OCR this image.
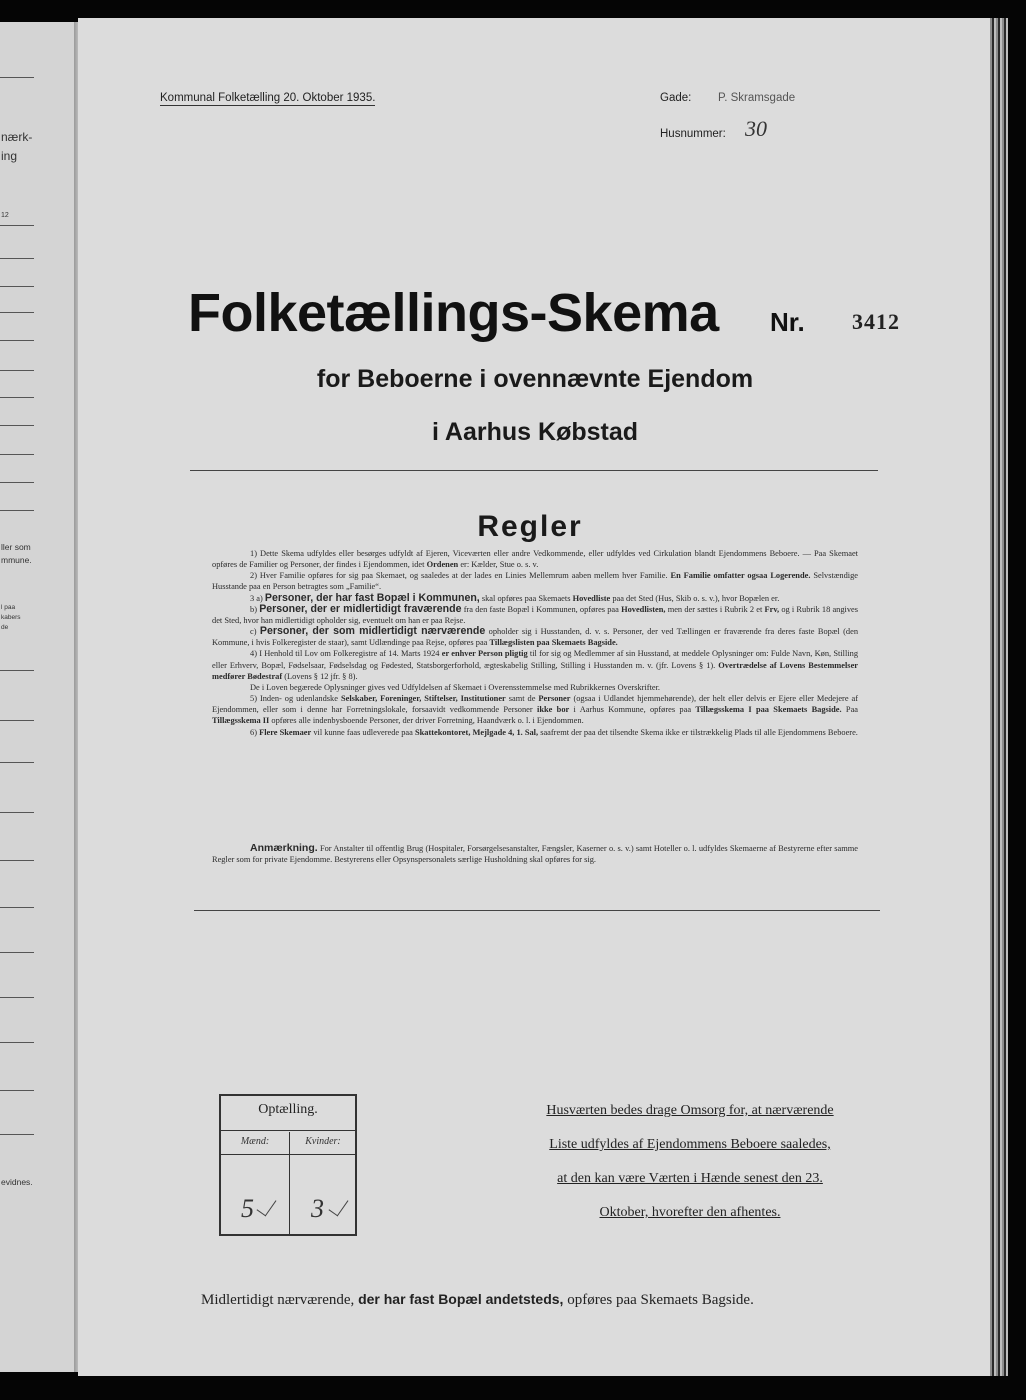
nærk-
ing
12
ller som
mmune.
l paa
kabers
de
evidnes.
Kommunal Folketælling 20. Oktober 1935.	Gade: P. Skramsgade
Husnummer: 30
Folketællings-Skema	Nr. 3412
for Beboerne i ovennævnte Ejendom
i Aarhus Købstad
Regler

1) Dette Skema udfyldes eller besørges udfyldt af Ejeren, Viceværten eller andre Vedkommende, eller udfyldes ved Cirkulation blandt Ejendommens Beboere. — Paa Skemaet opføres de Familier og Personer, der findes i Ejendommen, idet Ordenen er: Kælder, Stue o. s. v.

2) Hver Familie opføres for sig paa Skemaet, og saaledes at der lades en Linies Mellemrum aaben mellem hver Familie. En Familie omfatter ogsaa Logerende. Selvstændige Husstande paa en Person betragtes som „Familie“.

3 a) Personer, der har fast Bopæl i Kommunen, skal opføres paa Skemaets Hovedliste paa det Sted (Hus, Skib o. s. v.), hvor Bopælen er.

b) Personer, der er midlertidigt fraværende fra den faste Bopæl i Kommunen, opføres paa Hovedlisten, men der sættes i Rubrik 2 et Frv, og i Rubrik 18 angives det Sted, hvor han midlertidigt opholder sig, eventuelt om han er paa Rejse.

c) Personer, der som midlertidigt nærværende opholder sig i Husstanden, d. v. s. Personer, der ved Tællingen er fraværende fra deres faste Bopæl (den Kommune, i hvis Folkeregister de staar), samt Udlændinge paa Rejse, opføres paa Tillægslisten paa Skemaets Bagside.

4) I Henhold til Lov om Folkeregistre af 14. Marts 1924 er enhver Person pligtig til for sig og Medlemmer af sin Husstand, at meddele Oplysninger om: Fulde Navn, Køn, Stilling eller Erhverv, Bopæl, Fødselsaar, Fødselsdag og Fødested, Statsborgerforhold, ægteskabelig Stilling, Stilling i Husstanden m. v. (jfr. Lovens § 1). Overtrædelse af Lovens Bestemmelser medfører Bødestraf (Lovens § 12 jfr. § 8).

De i Loven begærede Oplysninger gives ved Udfyldelsen af Skemaet i Overensstemmelse med Rubrikkernes Overskrifter.

5) Inden- og udenlandske Selskaber, Foreninger, Stiftelser, Institutioner samt de Personer (ogsaa i Udlandet hjemmehørende), der helt eller delvis er Ejere eller Medejere af Ejendommen, eller som i denne har Forretningslokale, forsaavidt vedkommende Personer ikke bor i Aarhus Kommune, opføres paa Tillægsskema I paa Skemaets Bagside. Paa Tillægsskema II opføres alle indenbysboende Personer, der driver Forretning, Haandværk o. l. i Ejendommen.

6) Flere Skemaer vil kunne faas udleverede paa Skattekontoret, Mejlgade 4, 1. Sal, saafremt der paa det tilsendte Skema ikke er tilstrækkelig Plads til alle Ejendommens Beboere.

Anmærkning. For Anstalter til offentlig Brug (Hospitaler, Forsørgelsesanstalter, Fængsler, Kaserner o. s. v.) samt Hoteller o. l. udfyldes Skemaerne af Bestyrerne efter samme Regler som for private Ejendomme. Bestyrerens eller Opsynspersonalets særlige Husholdning skal opføres for sig.
Optælling.
Mænd:	Kvinder:
5 3
Husværten bedes drage Omsorg for, at nærværende
Liste udfyldes af Ejendommens Beboere saaledes,
at den kan være Værten i Hænde senest den 23.
Oktober, hvorefter den afhentes.
Midlertidigt nærværende, der har fast Bopæl andetsteds, opføres paa Skemaets Bagside.
